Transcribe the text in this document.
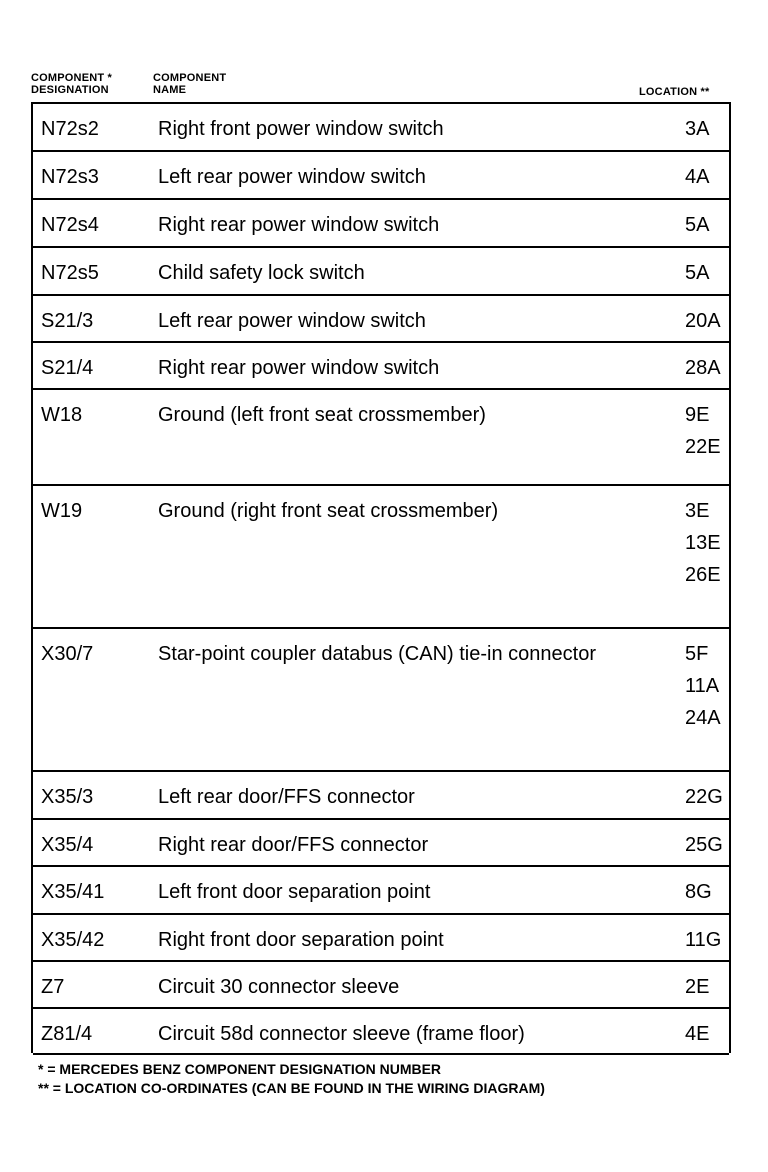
COMPONENT *
DESIGNATION
COMPONENT
NAME	LOCATION **
N72s2	Right front power window switch	3A
N72s3	Left rear power window switch	4A
N72s4	Right rear power window switch	5A
N72s5	Child safety lock switch	5A
S21/3	Left rear power window switch	20A
S21/4	Right rear power window switch	28A
W18	Ground (left front seat crossmember)	9E
22E
W19	Ground (right front seat crossmember)	3E
13E
26E
X30/7	Star-point coupler databus (CAN) tie-in connector	5F
11A
24A
X35/3	Left rear door/FFS connector	22G
X35/4	Right rear door/FFS connector	25G
X35/41	Left front door separation point	8G
X35/42	Right front door separation point	11G
Z7	Circuit 30 connector sleeve	2E
Z81/4	Circuit 58d connector sleeve (frame floor)	4E
* = MERCEDES BENZ COMPONENT DESIGNATION NUMBER
** = LOCATION CO-ORDINATES (CAN BE FOUND IN THE WIRING DIAGRAM)
